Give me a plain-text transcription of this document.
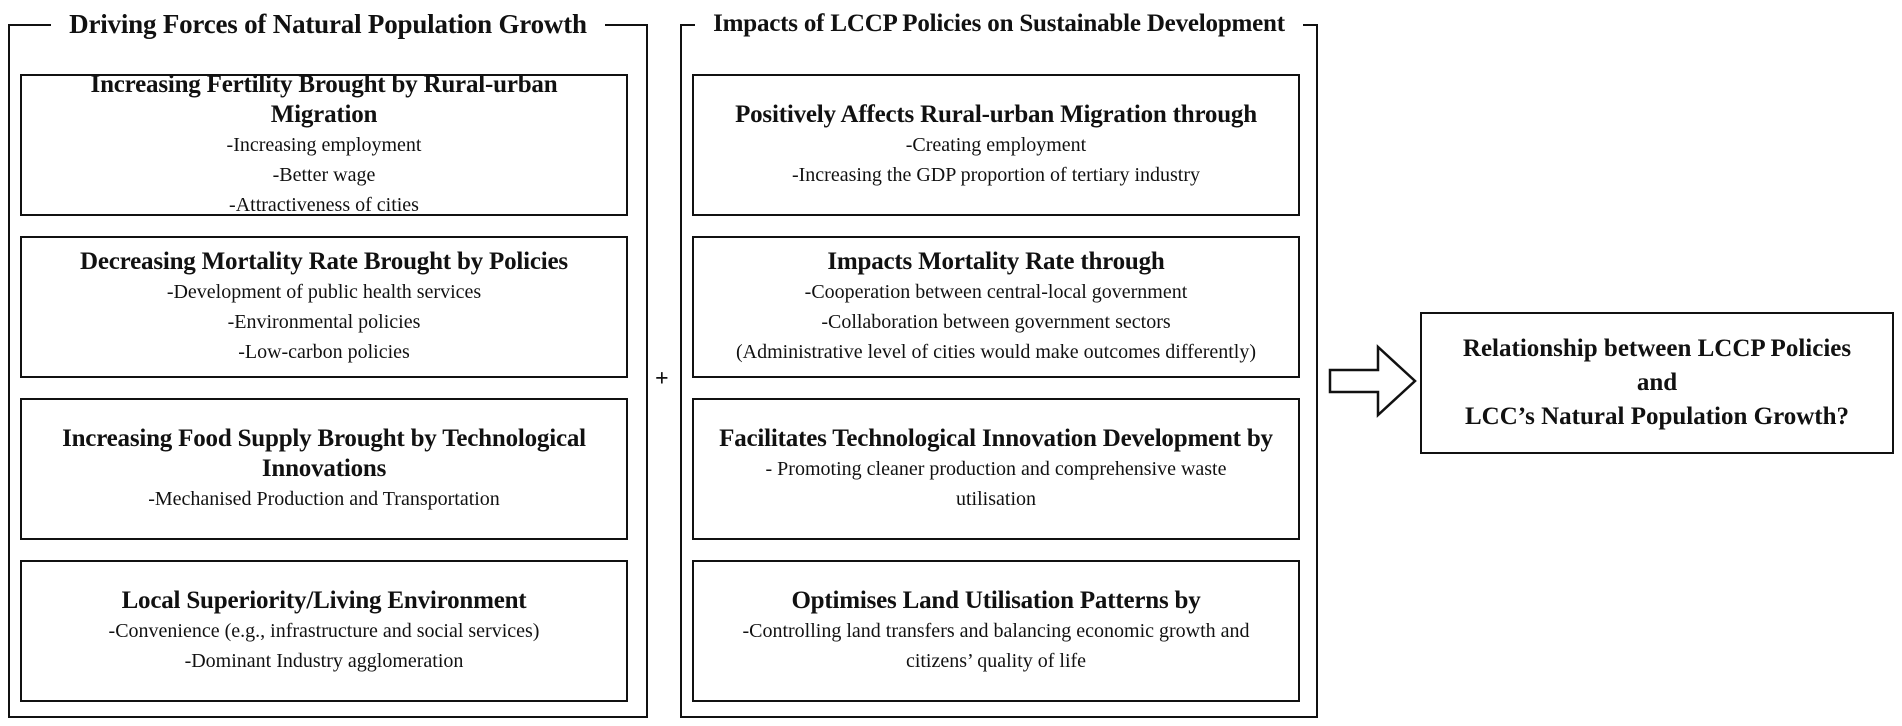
Driving Forces of Natural Population Growth
Increasing Fertility Brought by Rural-urban Migration
-Increasing employment
-Better wage
-Attractiveness of cities
Decreasing Mortality Rate Brought by Policies
-Development of public health services
-Environmental policies
-Low-carbon policies
Increasing Food Supply Brought by Technological Innovations
-Mechanised Production and Transportation
Local Superiority/Living Environment
-Convenience (e.g., infrastructure and social services)
-Dominant Industry agglomeration
+
Impacts of LCCP Policies on Sustainable Development
Positively Affects Rural-urban Migration through
-Creating employment
-Increasing the GDP proportion of tertiary industry
Impacts Mortality Rate through
-Cooperation between central-local government
-Collaboration between government sectors
(Administrative level of cities would make outcomes differently)
Facilitates Technological Innovation Development by
- Promoting cleaner production and comprehensive waste
utilisation
Optimises Land Utilisation Patterns by
-Controlling land transfers and balancing economic growth and
citizens’ quality of life
Relationship between LCCP Policies and
LCC’s Natural Population Growth?
